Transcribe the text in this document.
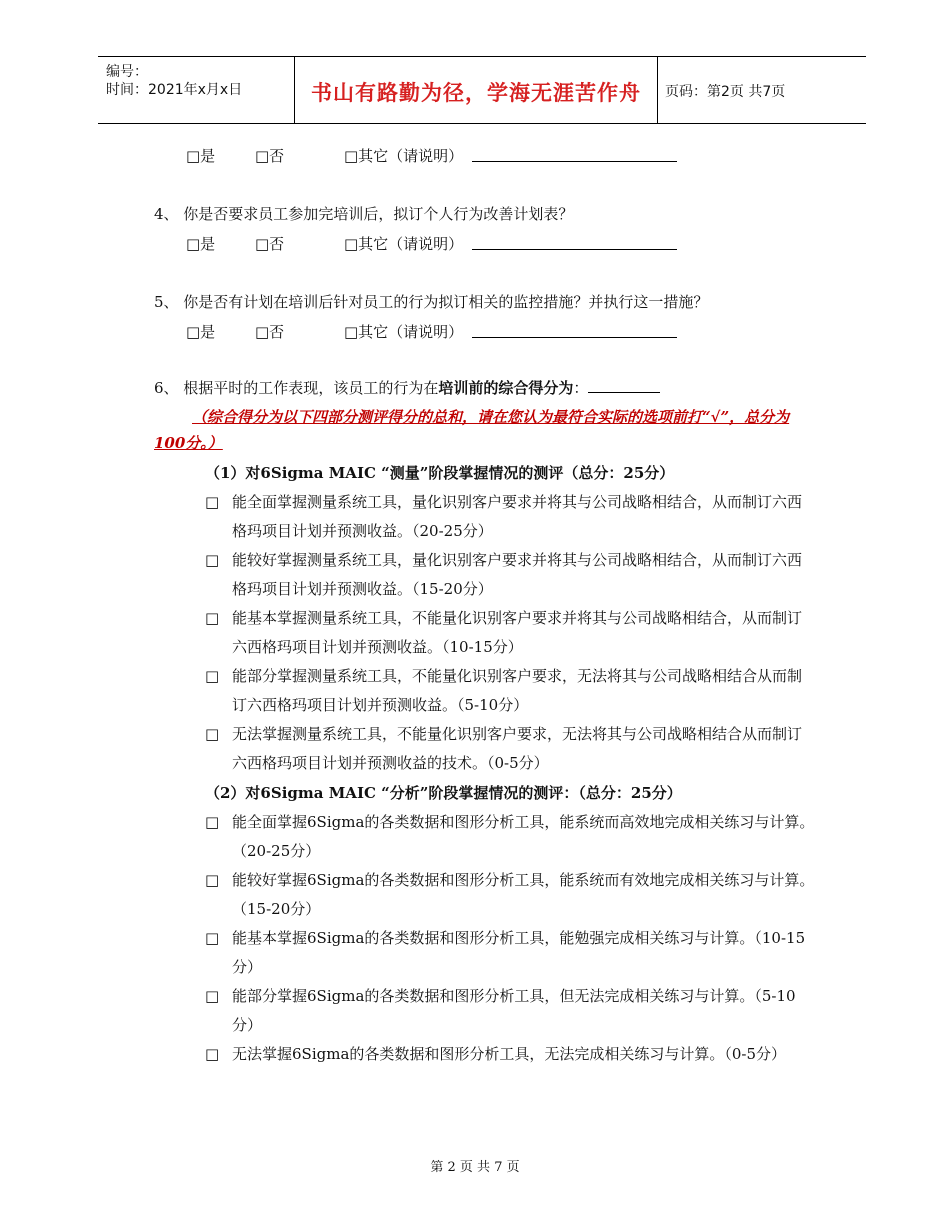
编号：
时间：2021年x月x日	书山有路勤为径，学海无涯苦作舟	页码：第2页 共7页
□是	□否	□其它（请说明）
4、 你是否要求员工参加完培训后，拟订个人行为改善计划表？
□是	□否	□其它（请说明）
5、 你是否有计划在培训后针对员工的行为拟订相关的监控措施？并执行这一措施？
□是	□否	□其它（请说明）
6、 根据平时的工作表现，该员工的行为在培训前的综合得分为：
（综合得分为以下四部分测评得分的总和，请在您认为最符合实际的选项前打“√”，总分为100分。）
（1）对6Sigma MAIC “测量”阶段掌握情况的测评（总分：25分）
□ 能全面掌握测量系统工具，量化识别客户要求并将其与公司战略相结合，从而制订六西格玛项目计划并预测收益。（20-25分）
□ 能较好掌握测量系统工具，量化识别客户要求并将其与公司战略相结合，从而制订六西格玛项目计划并预测收益。（15-20分）
□ 能基本掌握测量系统工具，不能量化识别客户要求并将其与公司战略相结合，从而制订六西格玛项目计划并预测收益。（10-15分）
□ 能部分掌握测量系统工具，不能量化识别客户要求，无法将其与公司战略相结合从而制订六西格玛项目计划并预测收益。（5-10分）
□ 无法掌握测量系统工具，不能量化识别客户要求，无法将其与公司战略相结合从而制订六西格玛项目计划并预测收益的技术。（0-5分）
（2）对6Sigma MAIC “分析”阶段掌握情况的测评：（总分：25分）
□ 能全面掌握6Sigma的各类数据和图形分析工具，能系统而高效地完成相关练习与计算。（20-25分）
□ 能较好掌握6Sigma的各类数据和图形分析工具，能系统而有效地完成相关练习与计算。（15-20分）
□ 能基本掌握6Sigma的各类数据和图形分析工具，能勉强完成相关练习与计算。（10-15分）
□ 能部分掌握6Sigma的各类数据和图形分析工具，但无法完成相关练习与计算。（5-10分）
□ 无法掌握6Sigma的各类数据和图形分析工具，无法完成相关练习与计算。（0-5分）
第 2 页 共 7 页
